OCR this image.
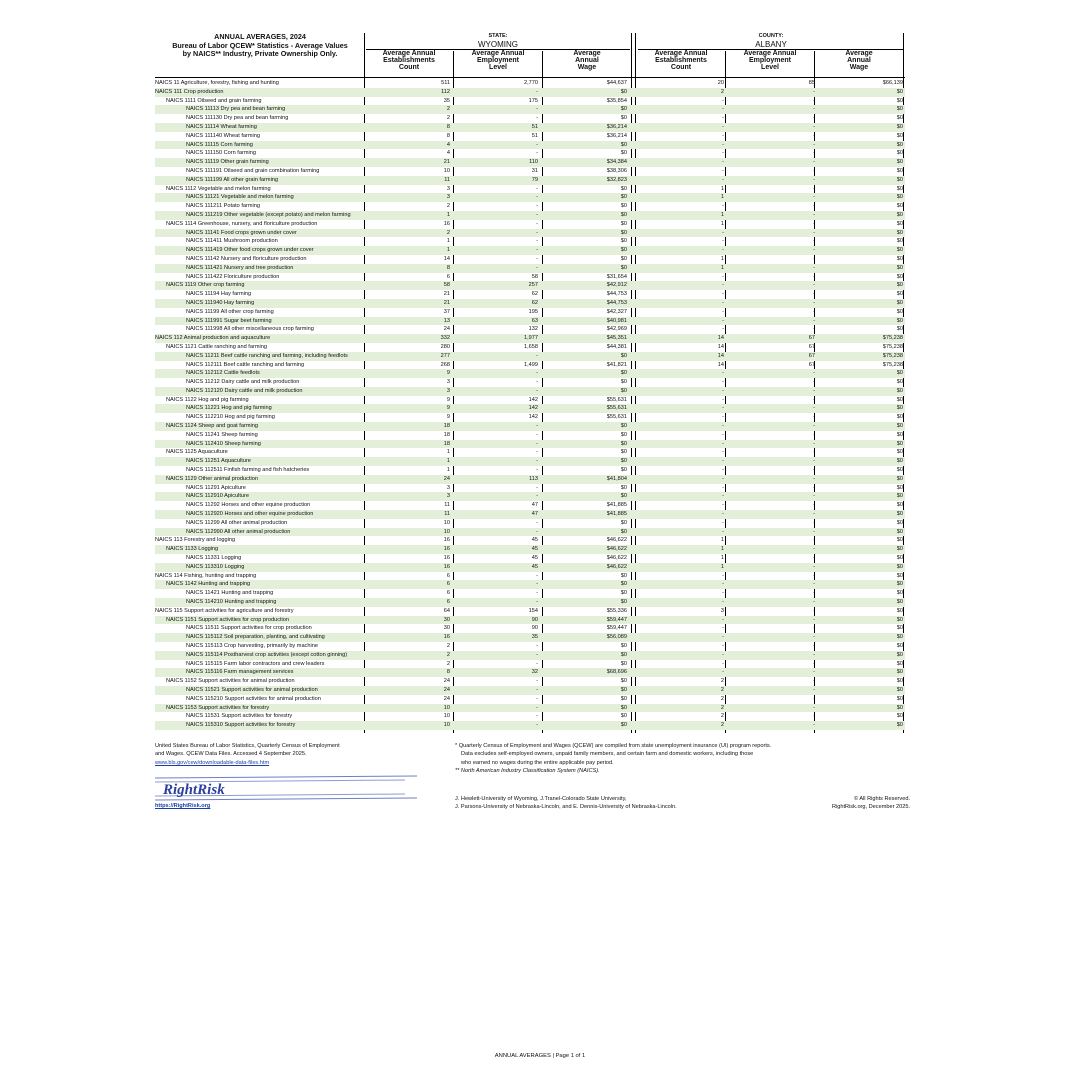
ANNUAL AVERAGES, 2024
Bureau of Labor QCEW* Statistics - Average Values
by NAICS** Industry, Private Ownership Only.
STATE:
WYOMING
COUNTY:
ALBANY
Average Annual
Establishments
Count
Average Annual
Employment
Level
Average
Annual
Wage
Average Annual
Establishments
Count
Average Annual
Employment
Level
Average
Annual
Wage
NAICS 11 Agriculture, forestry, fishing and hunting	511	2,770	$44,637	20	85	$66,139
NAICS 111 Crop production	112	-	$0	2	-	$0
NAICS 1111 Oilseed and grain farming	35	175	$35,854	-	-	$0
NAICS 11113 Dry pea and bean farming	2	-	$0	-	-	$0
NAICS 111130 Dry pea and bean farming	2	-	$0	-	-	$0
NAICS 11114 Wheat farming	8	51	$36,214	-	-	$0
NAICS 111140 Wheat farming	8	51	$36,214	-	-	$0
NAICS 11115 Corn farming	4	-	$0	-	-	$0
NAICS 111150 Corn farming	4	-	$0	-	-	$0
NAICS 11119 Other grain farming	21	110	$34,384	-	-	$0
NAICS 111191 Oilseed and grain combination farming	10	31	$38,306	-	-	$0
NAICS 111199 All other grain farming	11	79	$32,823	-	-	$0
NAICS 1112 Vegetable and melon farming	3	-	$0	1	-	$0
NAICS 11121 Vegetable and melon farming	3	-	$0	1	-	$0
NAICS 111211 Potato farming	2	-	$0	-	-	$0
NAICS 111219 Other vegetable (except potato) and melon farming	1	-	$0	1	-	$0
NAICS 1114 Greenhouse, nursery, and floriculture production	16	-	$0	1	-	$0
NAICS 11141 Food crops grown under cover	2	-	$0	-	-	$0
NAICS 111411 Mushroom production	1	-	$0	-	-	$0
NAICS 111419 Other food crops grown under cover	1	-	$0	-	-	$0
NAICS 11142 Nursery and floriculture production	14	-	$0	1	-	$0
NAICS 111421 Nursery and tree production	8	-	$0	1	-	$0
NAICS 111422 Floriculture production	6	58	$31,654	-	-	$0
NAICS 1119 Other crop farming	58	257	$42,912	-	-	$0
NAICS 11194 Hay farming	21	62	$44,753	-	-	$0
NAICS 111940 Hay farming	21	62	$44,753	-	-	$0
NAICS 11199 All other crop farming	37	195	$42,327	-	-	$0
NAICS 111991 Sugar beet farming	13	63	$40,981	-	-	$0
NAICS 111998 All other miscellaneous crop farming	24	132	$42,969	-	-	$0
NAICS 112 Animal production and aquaculture	332	1,977	$45,351	14	67	$75,238
NAICS 1121 Cattle ranching and farming	280	1,658	$44,381	14	67	$75,238
NAICS 11211 Beef cattle ranching and farming, including feedlots	277	-	$0	14	67	$75,238
NAICS 112111 Beef cattle ranching and farming	268	1,499	$41,821	14	67	$75,238
NAICS 112112 Cattle feedlots	9	-	$0	-	-	$0
NAICS 11212 Dairy cattle and milk production	3	-	$0	-	-	$0
NAICS 112120 Dairy cattle and milk production	3	-	$0	-	-	$0
NAICS 1122 Hog and pig farming	9	142	$55,631	-	-	$0
NAICS 11221 Hog and pig farming	9	142	$55,631	-	-	$0
NAICS 112210 Hog and pig farming	9	142	$55,631	-	-	$0
NAICS 1124 Sheep and goat farming	18	-	$0	-	-	$0
NAICS 11241 Sheep farming	18	-	$0	-	-	$0
NAICS 112410 Sheep farming	18	-	$0	-	-	$0
NAICS 1125 Aquaculture	1	-	$0	-	-	$0
NAICS 11251 Aquaculture	1	-	$0	-	-	$0
NAICS 112511 Finfish farming and fish hatcheries	1	-	$0	-	-	$0
NAICS 1129 Other animal production	24	113	$41,804	-	-	$0
NAICS 11291 Apiculture	3	-	$0	-	-	$0
NAICS 112910 Apiculture	3	-	$0	-	-	$0
NAICS 11292 Horses and other equine production	11	47	$41,885	-	-	$0
NAICS 112920 Horses and other equine production	11	47	$41,885	-	-	$0
NAICS 11299 All other animal production	10	-	$0	-	-	$0
NAICS 112990 All other animal production	10	-	$0	-	-	$0
NAICS 113 Forestry and logging	16	45	$46,622	1	-	$0
NAICS 1133 Logging	16	45	$46,622	1	-	$0
NAICS 11331 Logging	16	45	$46,622	1	-	$0
NAICS 113310 Logging	16	45	$46,622	1	-	$0
NAICS 114 Fishing, hunting and trapping	6	-	$0	-	-	$0
NAICS 1142 Hunting and trapping	6	-	$0	-	-	$0
NAICS 11421 Hunting and trapping	6	-	$0	-	-	$0
NAICS 114210 Hunting and trapping	6	-	$0	-	-	$0
NAICS 115 Support activities for agriculture and forestry	64	154	$55,336	3	-	$0
NAICS 1151 Support activities for crop production	30	90	$59,447	-	-	$0
NAICS 11511 Support activities for crop production	30	90	$59,447	-	-	$0
NAICS 115112 Soil preparation, planting, and cultivating	16	35	$56,089	-	-	$0
NAICS 115113 Crop harvesting, primarily by machine	2	-	$0	-	-	$0
NAICS 115114 Postharvest crop activities (except cotton ginning)	2	-	$0	-	-	$0
NAICS 115115 Farm labor contractors and crew leaders	2	-	$0	-	-	$0
NAICS 115116 Farm management services	8	32	$68,696	-	-	$0
NAICS 1152 Support activities for animal production	24	-	$0	2	-	$0
NAICS 11521 Support activities for animal production	24	-	$0	2	-	$0
NAICS 115210 Support activities for animal production	24	-	$0	2	-	$0
NAICS 1153 Support activities for forestry	10	-	$0	2	-	$0
NAICS 11531 Support activities for forestry	10	-	$0	2	-	$0
NAICS 115310 Support activities for forestry	10	-	$0	2	-	$0
United States Bureau of Labor Statistics, Quarterly Census of Employment
and Wages. QCEW Data Files. Accessed 4 September 2025.
www.bls.gov/cew/downloadable-data-files.htm
* Quarterly Census of Employment and Wages (QCEW) are compiled from state unemployment insurance (UI) program reports.
Data excludes self-employed owners, unpaid family members, and certain farm and domestic workers, including those
who earned no wages during the entire applicable pay period.
** North American Industry Classification System (NAICS).
RightRisk
https://RightRisk.org
J. Hewlett-University of Wyoming, J.Tranel-Colorado State University,
J. Parsons-University of Nebraska-Lincoln, and E. Dennis-University of Nebraska-Lincoln.
© All Rights Reserved.
RightRisk.org, December 2025.
ANNUAL AVERAGES | Page 1 of 1
